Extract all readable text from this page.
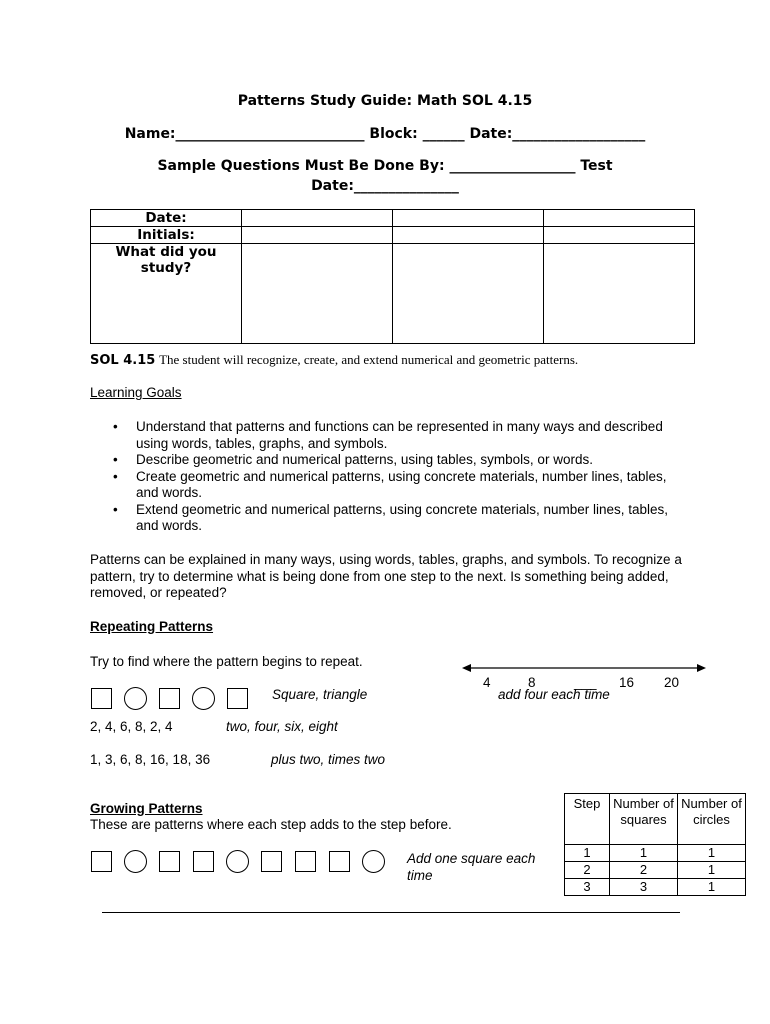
Patterns Study Guide: Math SOL 4.15
Name:___________________________ Block: ______ Date:___________________
Sample Questions Must Be Done By: __________________ Test
Date:_______________
Date:			
Initials:			
What did you study?			
SOL 4.15 The student will recognize, create, and extend numerical and geometric patterns.
Learning Goals
• Understand that patterns and functions can be represented in many ways and described using words, tables, graphs, and symbols.
• Describe geometric and numerical patterns, using tables, symbols, or words.
• Create geometric and numerical patterns, using concrete materials, number lines, tables, and words.
• Extend geometric and numerical patterns, using concrete materials, number lines, tables, and words.
Patterns can be explained in many ways, using words, tables, graphs, and symbols. To recognize a pattern, try to determine what is being done from one step to the next. Is something being added, removed, or repeated?
Repeating Patterns
Try to find where the pattern begins to repeat.
Square, triangle
2, 4, 6, 8, 2, 4	two, four, six, eight
1, 3, 6, 8, 16, 18, 36	plus two, times two
4	8	___ 16 20
add four each time
Growing Patterns
These are patterns where each step adds to the step before.
Add one square each time
Step	Number of squares	Number of circles
1	1	1
2	2	1
3	3	1
